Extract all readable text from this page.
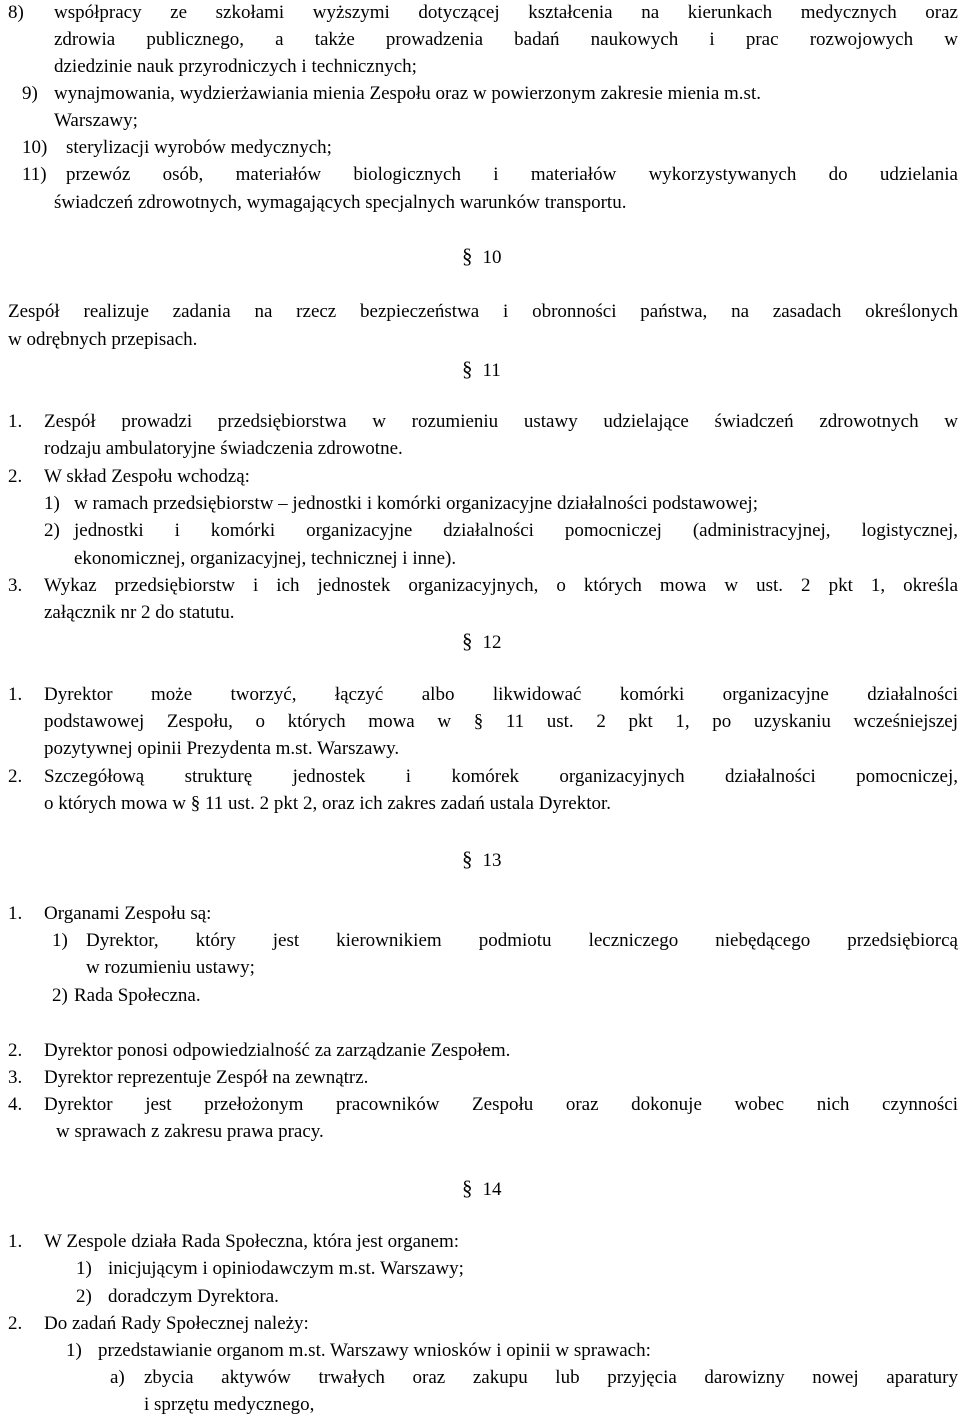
8) współpracy ze szkołami wyższymi dotyczącej kształcenia na kierunkach medycznych oraz
zdrowia publicznego, a także prowadzenia badań naukowych i prac rozwojowych w
dziedzinie nauk przyrodniczych i technicznych;
9) wynajmowania, wydzierżawiania mienia Zespołu oraz w powierzonym zakresie mienia m.st.
Warszawy;
10) sterylizacji wyrobów medycznych;
11) przewóz osób, materiałów biologicznych i materiałów wykorzystywanych do udzielania
świadczeń zdrowotnych, wymagających specjalnych warunków transportu.
§ 10
Zespół realizuje zadania na rzecz bezpieczeństwa i obronności państwa, na zasadach określonych
w odrębnych przepisach.
§ 11
1. Zespół prowadzi przedsiębiorstwa w rozumieniu ustawy udzielające świadczeń zdrowotnych w
rodzaju ambulatoryjne świadczenia zdrowotne.
2. W skład Zespołu wchodzą:
1) w ramach przedsiębiorstw – jednostki i komórki organizacyjne działalności podstawowej;
2) jednostki i komórki organizacyjne działalności pomocniczej (administracyjnej, logistycznej,
ekonomicznej, organizacyjnej, technicznej i inne).
3. Wykaz przedsiębiorstw i ich jednostek organizacyjnych, o których mowa w ust. 2 pkt 1, określa
załącznik nr 2 do statutu.
§ 12
1. Dyrektor może tworzyć, łączyć albo likwidować komórki organizacyjne działalności
podstawowej Zespołu, o których mowa w § 11 ust. 2 pkt 1, po uzyskaniu wcześniejszej
pozytywnej opinii Prezydenta m.st. Warszawy.
2. Szczegółową strukturę jednostek i komórek organizacyjnych działalności pomocniczej,
o których mowa w § 11 ust. 2 pkt 2, oraz ich zakres zadań ustala Dyrektor.
§ 13
1. Organami Zespołu są:
1) Dyrektor, który jest kierownikiem podmiotu leczniczego niebędącego przedsiębiorcą
w rozumieniu ustawy;
2) Rada Społeczna.
2. Dyrektor ponosi odpowiedzialność za zarządzanie Zespołem.
3. Dyrektor reprezentuje Zespół na zewnątrz.
4. Dyrektor jest przełożonym pracowników Zespołu oraz dokonuje wobec nich czynności
w sprawach z zakresu prawa pracy.
§ 14
1. W Zespole działa Rada Społeczna, która jest organem:
1) inicjującym i opiniodawczym m.st. Warszawy;
2) doradczym Dyrektora.
2. Do zadań Rady Społecznej należy:
1) przedstawianie organom m.st. Warszawy wniosków i opinii w sprawach:
a) zbycia aktywów trwałych oraz zakupu lub przyjęcia darowizny nowej aparatury
i sprzętu medycznego,
